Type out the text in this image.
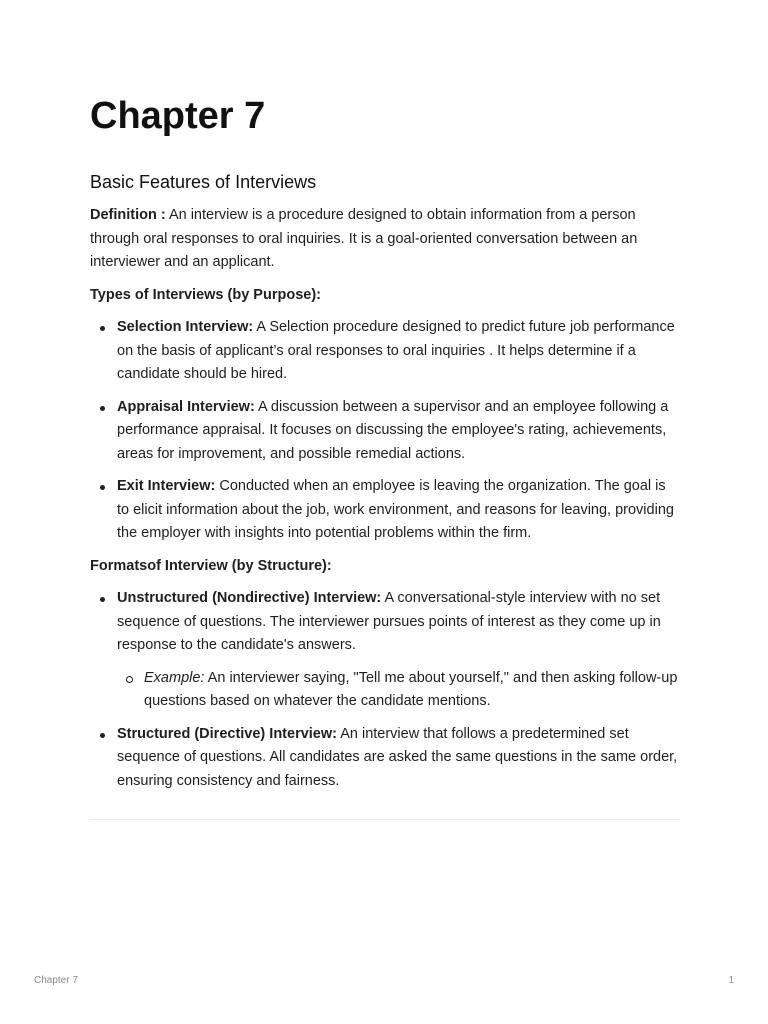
Chapter 7
Basic Features of Interviews

Definition : An interview is a procedure designed to obtain information from a person through oral responses to oral inquiries. It is a goal-oriented conversation between an interviewer and an applicant.

Types of Interviews (by Purpose):

Selection Interview: A Selection procedure designed to predict future job performance on the basis of applicant’s oral responses to oral inquiries . It helps determine if a candidate should be hired.
Appraisal Interview: A discussion between a supervisor and an employee following a performance appraisal. It focuses on discussing the employee's rating, achievements, areas for improvement, and possible remedial actions.
Exit Interview: Conducted when an employee is leaving the organization. The goal is to elicit information about the job, work environment, and reasons for leaving, providing the employer with insights into potential problems within the firm.

Formatsof Interview (by Structure):

Unstructured (Nondirective) Interview: A conversational-style interview with no set sequence of questions. The interviewer pursues points of interest as they come up in response to the candidate's answers.
Example: An interviewer saying, "Tell me about yourself," and then asking follow-up questions based on whatever the candidate mentions.
Structured (Directive) Interview: An interview that follows a predetermined set sequence of questions. All candidates are asked the same questions in the same order, ensuring consistency and fairness.
Chapter 7	1
